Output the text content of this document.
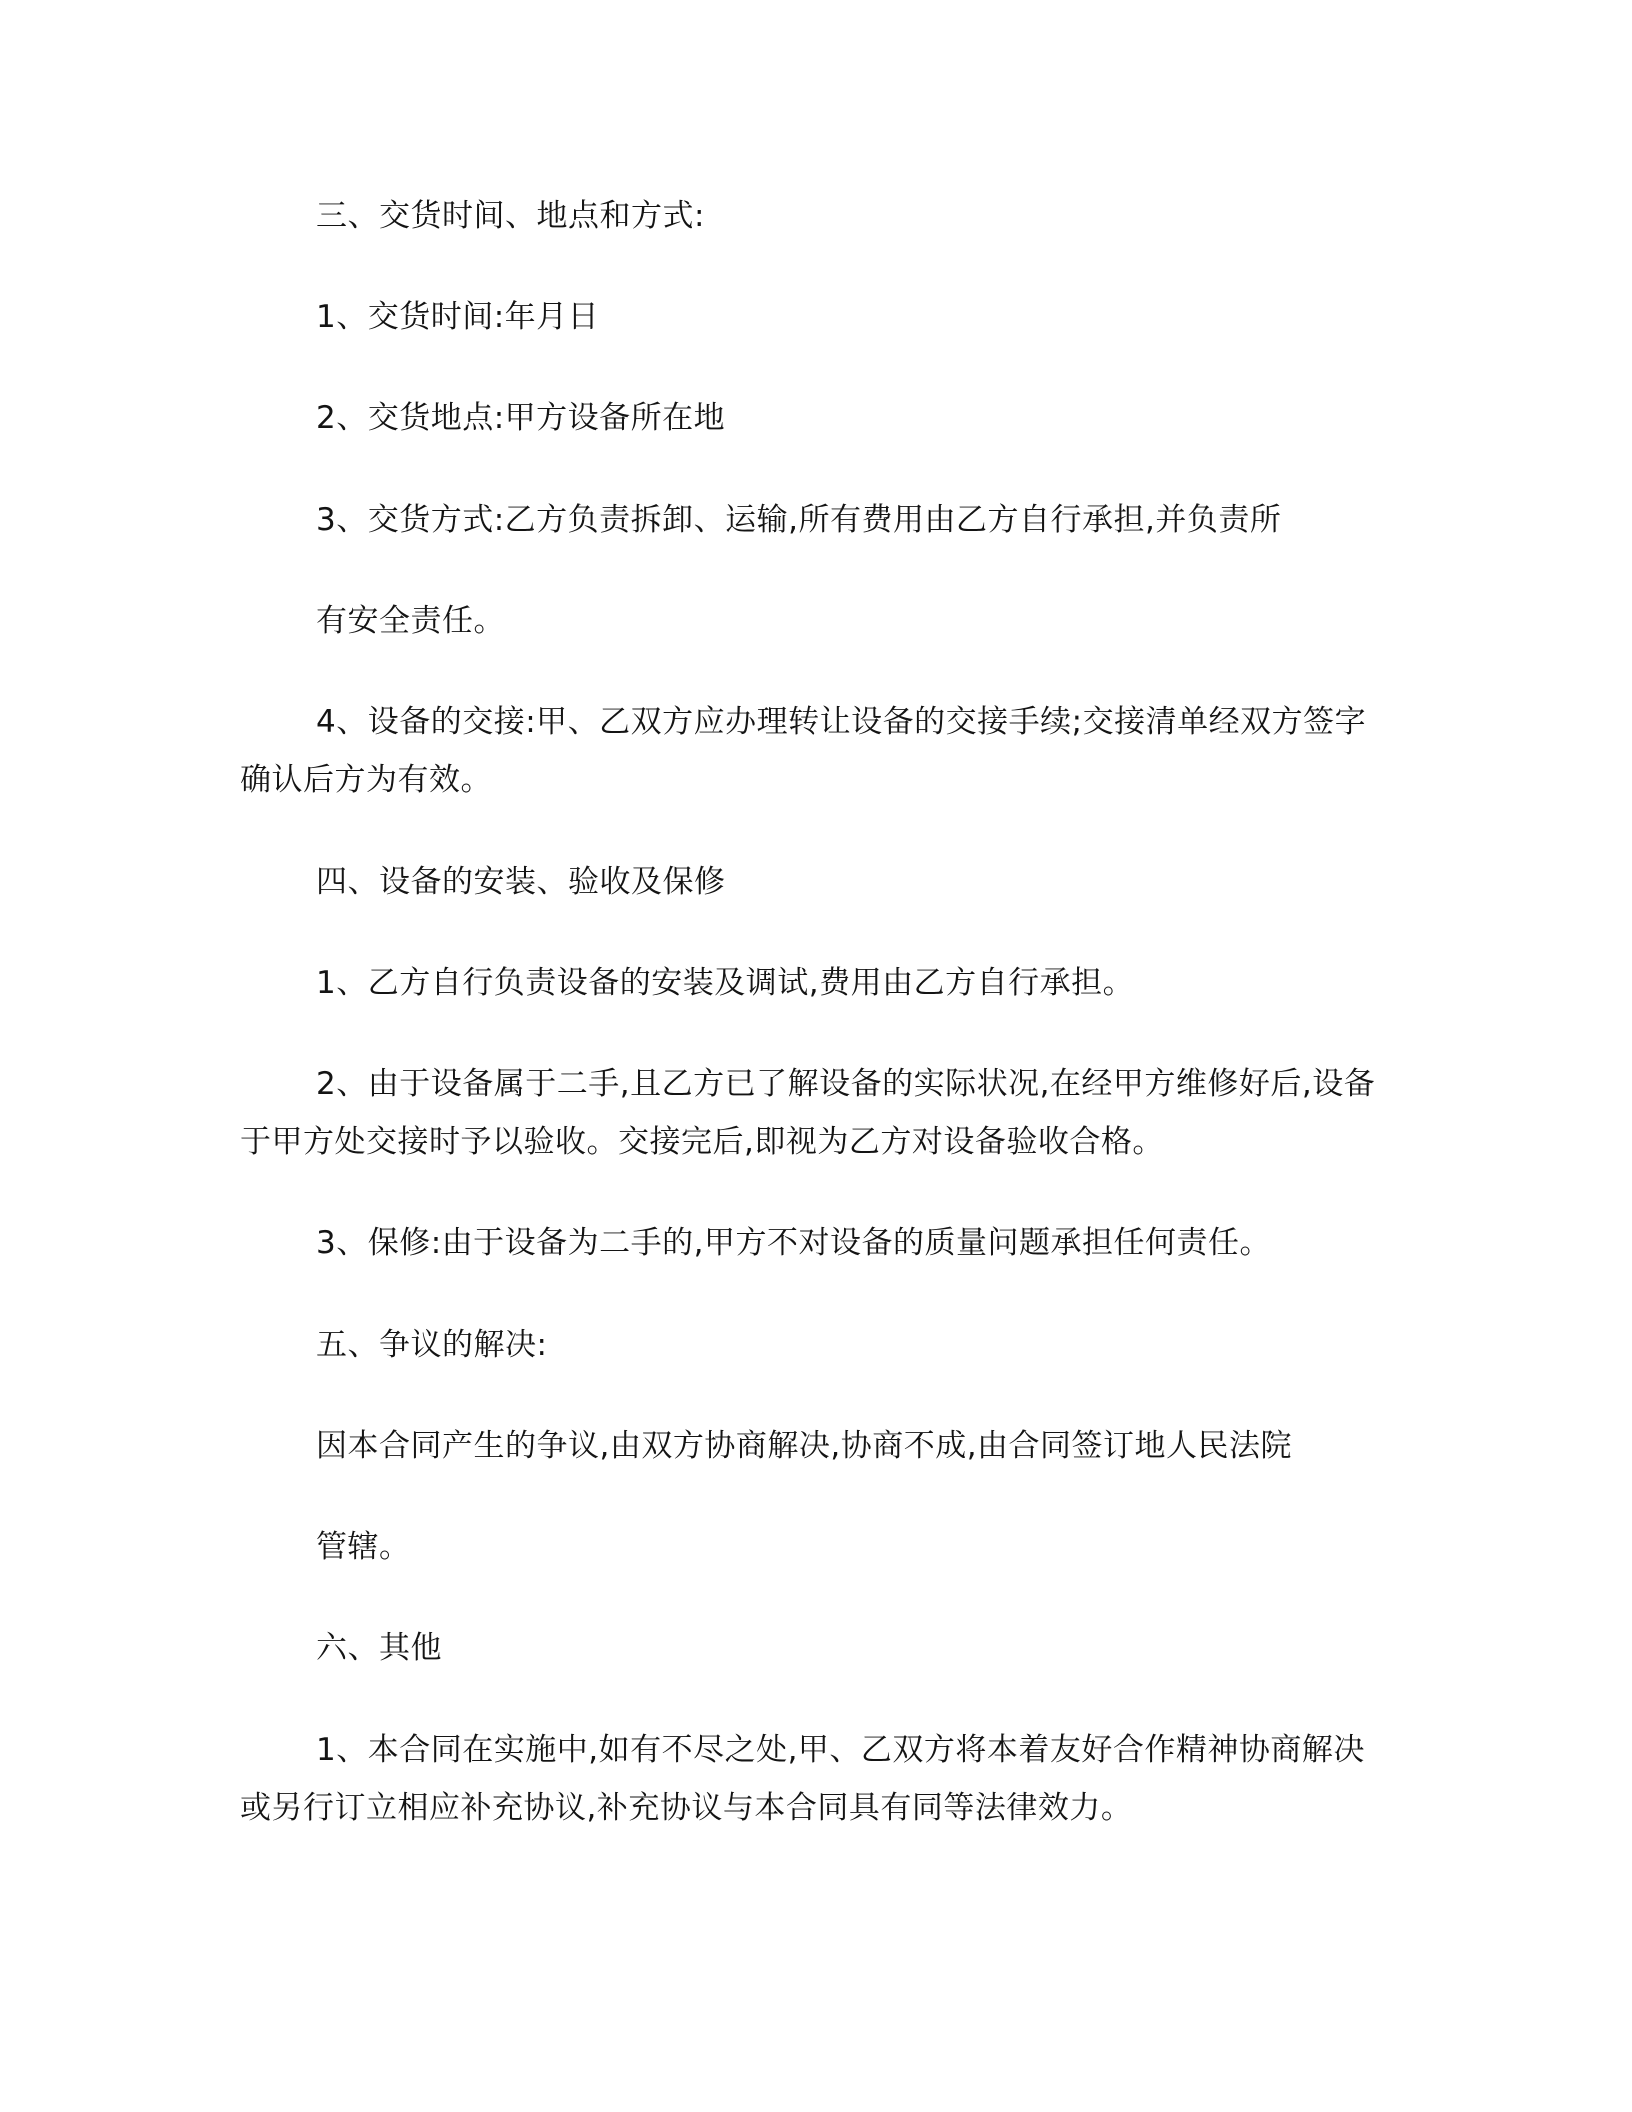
三、交货时间、地点和方式:
1、交货时间:年月日
2、交货地点:甲方设备所在地
3、交货方式:乙方负责拆卸、运输,所有费用由乙方自行承担,并负责所
有安全责任。
4、设备的交接:甲、乙双方应办理转让设备的交接手续;交接清单经双方签字
确认后方为有效。
四、设备的安装、验收及保修
1、乙方自行负责设备的安装及调试,费用由乙方自行承担。
2、由于设备属于二手,且乙方已了解设备的实际状况,在经甲方维修好后,设备
于甲方处交接时予以验收。交接完后,即视为乙方对设备验收合格。
3、保修:由于设备为二手的,甲方不对设备的质量问题承担任何责任。
五、争议的解决:
因本合同产生的争议,由双方协商解决,协商不成,由合同签订地人民法院
管辖。
六、其他
1、本合同在实施中,如有不尽之处,甲、乙双方将本着友好合作精神协商解决
或另行订立相应补充协议,补充协议与本合同具有同等法律效力。
